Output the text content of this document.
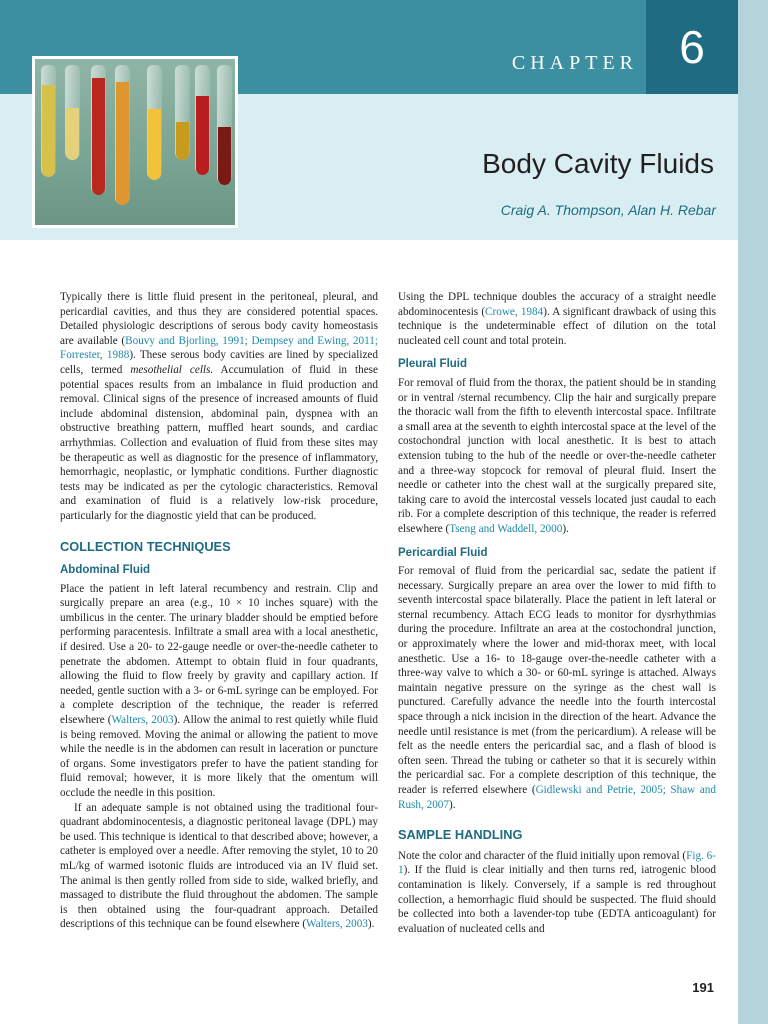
CHAPTER 6
Body Cavity Fluids
Craig A. Thompson, Alan H. Rebar

Typically there is little fluid present in the peritoneal, pleural, and pericardial cavities, and thus they are considered potential spaces. Detailed physiologic descriptions of serous body cavity homeostasis are available (Bouvy and Bjorling, 1991; Dempsey and Ewing, 2011; Forrester, 1988). These serous body cavities are lined by specialized cells, termed mesothelial cells. Accumulation of fluid in these potential spaces results from an imbalance in fluid production and removal. Clinical signs of the presence of increased amounts of fluid include abdominal distension, abdominal pain, dyspnea with an obstructive breathing pattern, muffled heart sounds, and cardiac arrhythmias. Collection and evaluation of fluid from these sites may be therapeutic as well as diagnostic for the presence of inflammatory, hemorrhagic, neoplastic, or lymphatic conditions. Further diagnostic tests may be indicated as per the cytologic characteristics. Removal and examination of fluid is a relatively low-risk procedure, particularly for the diagnostic yield that can be produced.

COLLECTION TECHNIQUES
Abdominal Fluid

Place the patient in left lateral recumbency and restrain. Clip and surgically prepare an area (e.g., 10 × 10 inches square) with the umbilicus in the center. The urinary bladder should be emptied before performing paracentesis. Infiltrate a small area with a local anesthetic, if desired. Use a 20- to 22-gauge needle or over-the-needle catheter to penetrate the abdomen. Attempt to obtain fluid in four quadrants, allowing the fluid to flow freely by gravity and capillary action. If needed, gentle suction with a 3- or 6-mL syringe can be employed. For a complete description of the technique, the reader is referred elsewhere (Walters, 2003). Allow the animal to rest quietly while fluid is being removed. Moving the animal or allowing the patient to move while the needle is in the abdomen can result in laceration or puncture of organs. Some investigators prefer to have the patient standing for fluid removal; however, it is more likely that the omentum will occlude the needle in this position.

If an adequate sample is not obtained using the traditional four-quadrant abdominocentesis, a diagnostic peritoneal lavage (DPL) may be used. This technique is identical to that described above; however, a catheter is employed over a needle. After removing the stylet, 10 to 20 mL/kg of warmed isotonic fluids are introduced via an IV fluid set. The animal is then gently rolled from side to side, walked briefly, and massaged to distribute the fluid throughout the abdomen. The sample is then obtained using the four-quadrant approach. Detailed descriptions of this technique can be found elsewhere (Walters, 2003).

Using the DPL technique doubles the accuracy of a straight needle abdominocentesis (Crowe, 1984). A significant drawback of using this technique is the undeterminable effect of dilution on the total nucleated cell count and total protein.

Pleural Fluid

For removal of fluid from the thorax, the patient should be in standing or in ventral /sternal recumbency. Clip the hair and surgically prepare the thoracic wall from the fifth to eleventh intercostal space. Infiltrate a small area at the seventh to eighth intercostal space at the level of the costochondral junction with local anesthetic. It is best to attach extension tubing to the hub of the needle or over-the-needle catheter and a three-way stopcock for removal of pleural fluid. Insert the needle or catheter into the chest wall at the surgically prepared site, taking care to avoid the intercostal vessels located just caudal to each rib. For a complete description of this technique, the reader is referred elsewhere (Tseng and Waddell, 2000).

Pericardial Fluid

For removal of fluid from the pericardial sac, sedate the patient if necessary. Surgically prepare an area over the lower to mid fifth to seventh intercostal space bilaterally. Place the patient in left lateral or sternal recumbency. Attach ECG leads to monitor for dysrhythmias during the procedure. Infiltrate an area at the costochondral junction, or approximately where the lower and mid-thorax meet, with local anesthetic. Use a 16- to 18-gauge over-the-needle catheter with a three-way valve to which a 30- or 60-mL syringe is attached. Always maintain negative pressure on the syringe as the chest wall is punctured. Carefully advance the needle into the fourth intercostal space through a nick incision in the direction of the heart. Advance the needle until resistance is met (from the pericardium). A release will be felt as the needle enters the pericardial sac, and a flash of blood is often seen. Thread the tubing or catheter so that it is securely within the pericardial sac. For a complete description of this technique, the reader is referred elsewhere (Gidlewski and Petrie, 2005; Shaw and Rush, 2007).

SAMPLE HANDLING

Note the color and character of the fluid initially upon removal (Fig. 6-1). If the fluid is clear initially and then turns red, iatrogenic blood contamination is likely. Conversely, if a sample is red throughout collection, a hemorrhagic fluid should be suspected. The fluid should be collected into both a lavender-top tube (EDTA anticoagulant) for evaluation of nucleated cells and

191
